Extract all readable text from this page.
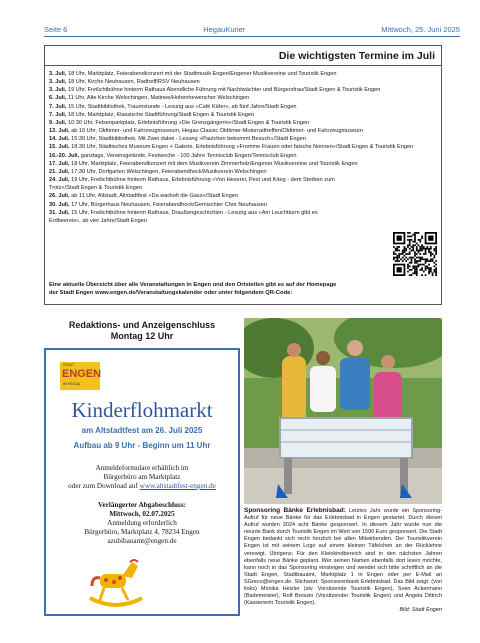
Seite 6	HegauKurier	Mittwoch, 25. Juni 2025
Die wichtigsten Termine im Juli

3. Juli, 18 Uhr, Marktplatz, Feierabendkonzert mit der Stadtmusik Engen/Engener Musikvereine und Touristik Engen

3. Juli, 18 Uhr, Kirche Neuhausen, Radtreff/RSV Neuhausen

3. Juli, 19 Uhr, Freilichtbühne hinterm Rathaus Abendliche Führung mit Nachtwächter und Bürgersfrau/Stadt Engen & Touristik Engen

6. Juli, 11 Uhr, Alte Kirche Welschingen, Matinee/Hohenhewenchor Welschingen

7. Juli, 15 Uhr, Stadtbibliothek, Traumstunde - Lesung aus »Café Käfer«, ab fünf Jahre/Stadt Engen

7. Juli, 18 Uhr, Marktplatz, Klassische Stadtführung/Stadt Engen & Touristik Engen

9. Juli, 10:30 Uhr, Felsenparkplatz, Erlebnisführung »Die Grenzgängerin«/Stadt Engen & Touristik Engen

13. Juli, ab 10 Uhr, Oldtimer- und Fahrzeugmuseum, Hegau Classic Oldtimer-Motorradtreffen/Oldtimer- und Fahrzeugmuseum

14. Juli, 15:30 Uhr, Stadtbibliothek, Mit Zwei dabei - Lesung »Paulchen bekommt Besuch«/Stadt Engen

15. Juli, 18:30 Uhr, Städtisches Museum Engen + Galerie, Erlebnisführung »Fromme Frauen oder falsche Nonnen«/Stadt Engen & Touristik Engen

16.-20. Juli, ganztags, Vereinsgelände, Festwoche - 100 Jahre Tennisclub Engen/Tennisclub Engen

17. Juli, 18 Uhr, Marktplatz, Feierabendkonzert mit dem Musikverein Zimmerholz/Engener Musikvereine und Touristik Engen

21. Juli, 17:30 Uhr, Dorfgarten Welschingen, Feierabendhock/Musikverein Welschingen

24. Juli, 19 Uhr, Freilichtbühne hinterm Rathaus, Erlebnisführung »Von Hexerei, Pest und Krieg - dem Sterben zum Trotz«/Stadt Engen & Touristik Engen

26. Juli, ab 11 Uhr, Altstadt, Altstadtfest »Da wackelt die Gass«/Stadt Engen

30. Juli, 17 Uhr, Bürgerhaus Neuhausen, Feierabendhock/Gemischter Chor Neuhausen

31. Juli, 15 Uhr, Freilichtbühne hinterm Rathaus, Draußengeschichten - Lesung aus »Am Leuchtturm gibt es Erdbeereis«, ab vier Jahre/Stadt Engen

Eine aktuelle Übersicht über alle Veranstaltungen in Engen und den Ortsteilen gibt es auf der Homepage der Stadt Engen www.engen.de/Veranstaltungskalender oder unter folgendem QR-Code:
Redaktions- und Anzeigenschluss
Montag 12 Uhr
STADT
ENGEN
IM HEGAU
Kinderflohmarkt
am Altstadtfest am 26. Juli 2025
Aufbau ab 9 Uhr - Beginn um 11 Uhr
Anmeldeformulare erhältlich im
Bürgerbüro am Marktplatz
oder zum Download auf www.altstadtfest-engen.de
Verlängerter Abgabeschluss:
Mittwoch, 02.07.2025
Anmeldung erforderlich
Bürgerbüro, Marktplatz 4, 78234 Engen
azubibauamt@engen.de
Sponsoring Bänke Erlebnisbad: Letztes Jahr wurde ein Sponsoring-Aufruf für neue Bänke für das Erlebnisbad in Engen gestartet. Durch diesen Aufruf wurden 2024 acht Bänke gesponsert. In diesem Jahr wurde nun die neunte Bank durch Touristik Engen im Wert von 1500 Euro gesponsert. Die Stadt Engen bedankt sich recht herzlich bei allen Mitwirkenden. Der Touristikverein Engen ist mit seinem Logo auf einem kleinen Täfelchen an der Rücklehne verewigt. Übrigens: Für den Kleinkindbereich sind in den nächsten Jahren ebenfalls neue Bänke geplant. Wer seinen Namen ebenfalls dort lesen möchte, kann noch in das Sponsoring einsteigen und wendet sich bitte schriftlich an die Stadt Engen, Stadtbauamt, Marktplatz 1 in Engen oder per E-Mail an SGreco@engen.de. Stichwort: Sponsorenbank Erlebnisbad. Das Bild zeigt: (von links) Monika Heizler (stv. Vorsitzende Touristik Engen), Sven Ackermann (Bademeister), Rolf Broszio (Vorsitzender Touristik Engen) und Angela Dittrich (Kassiererin Touristik Engen).
Bild: Stadt Engen
